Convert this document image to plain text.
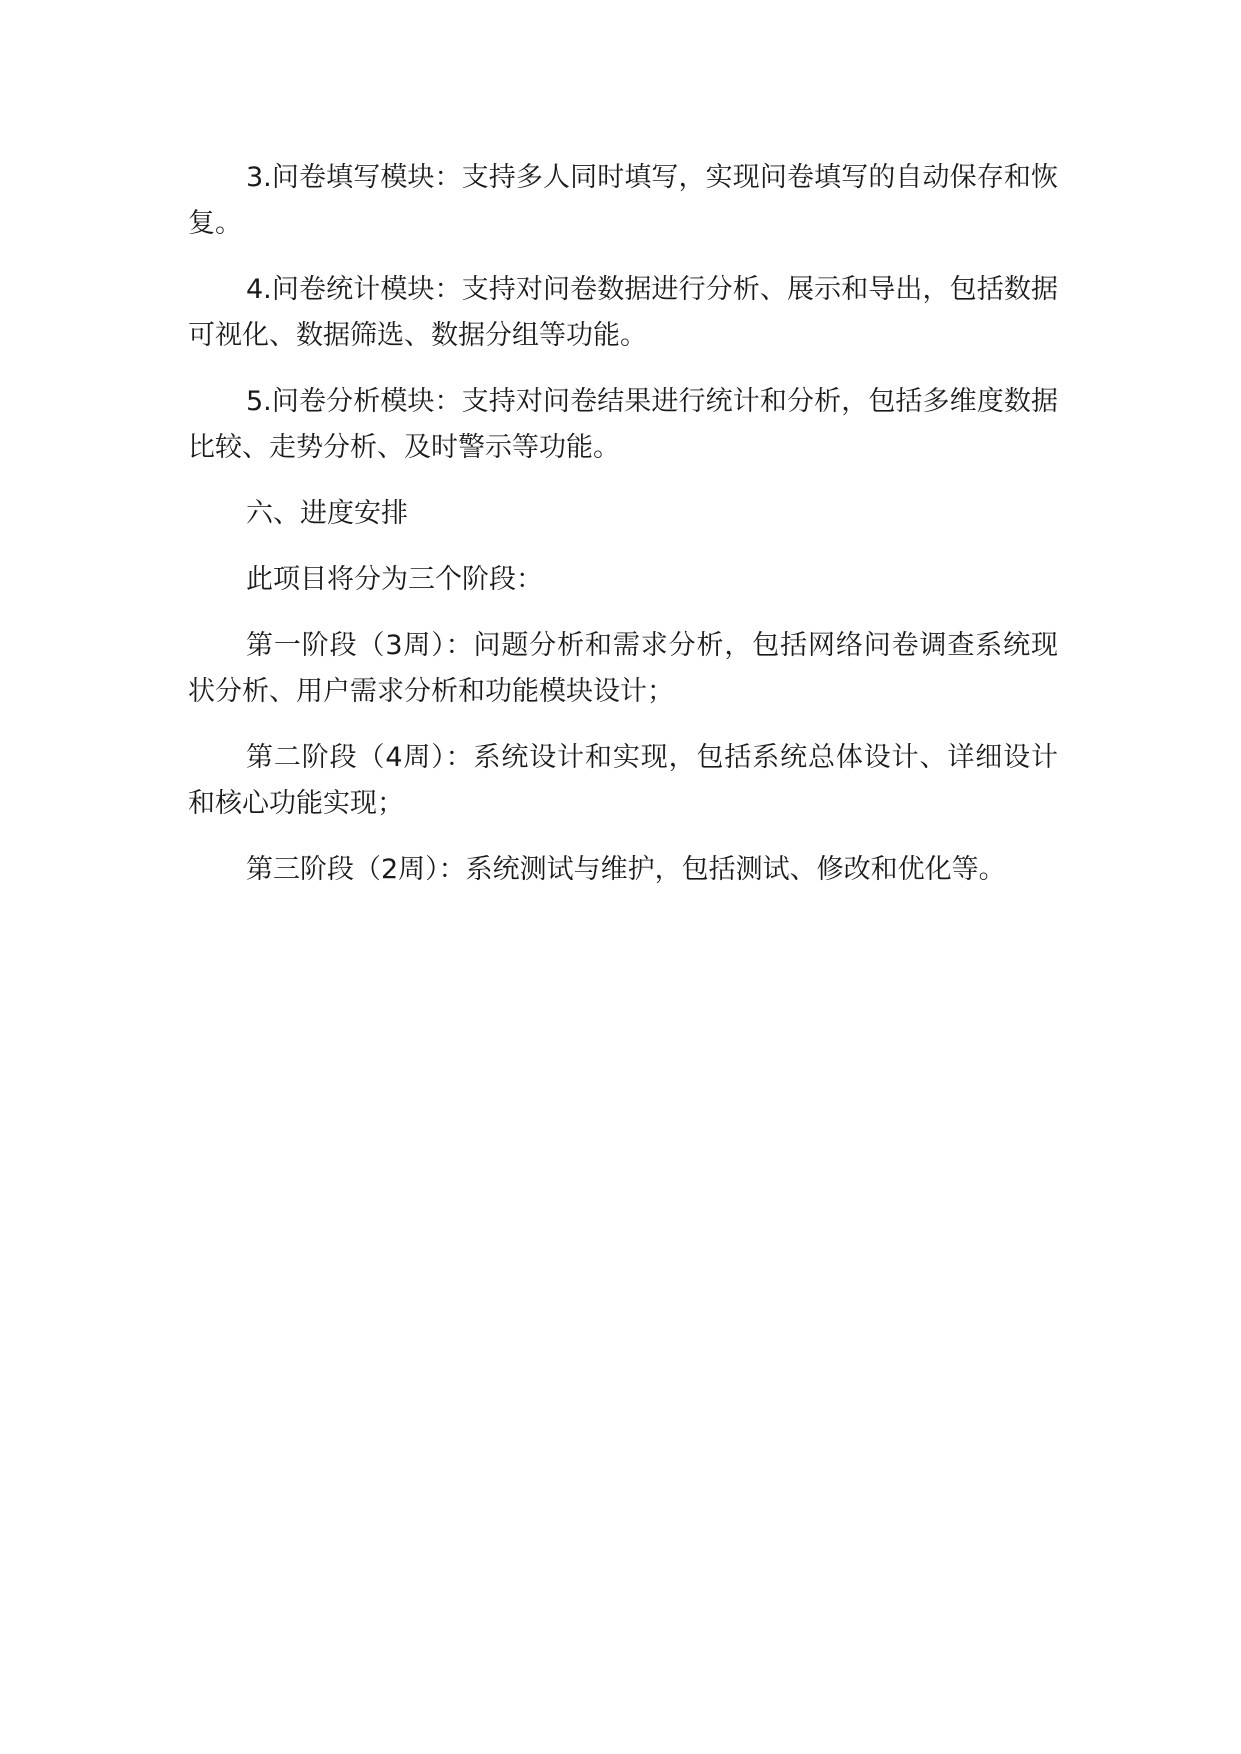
3.问卷填写模块：支持多人同时填写，实现问卷填写的自动保存和恢复。

4.问卷统计模块：支持对问卷数据进行分析、展示和导出，包括数据可视化、数据筛选、数据分组等功能。

5.问卷分析模块：支持对问卷结果进行统计和分析，包括多维度数据比较、走势分析、及时警示等功能。

六、进度安排

此项目将分为三个阶段：

第一阶段（3周）：问题分析和需求分析，包括网络问卷调查系统现状分析、用户需求分析和功能模块设计；

第二阶段（4周）：系统设计和实现，包括系统总体设计、详细设计和核心功能实现；

第三阶段（2周）：系统测试与维护，包括测试、修改和优化等。
